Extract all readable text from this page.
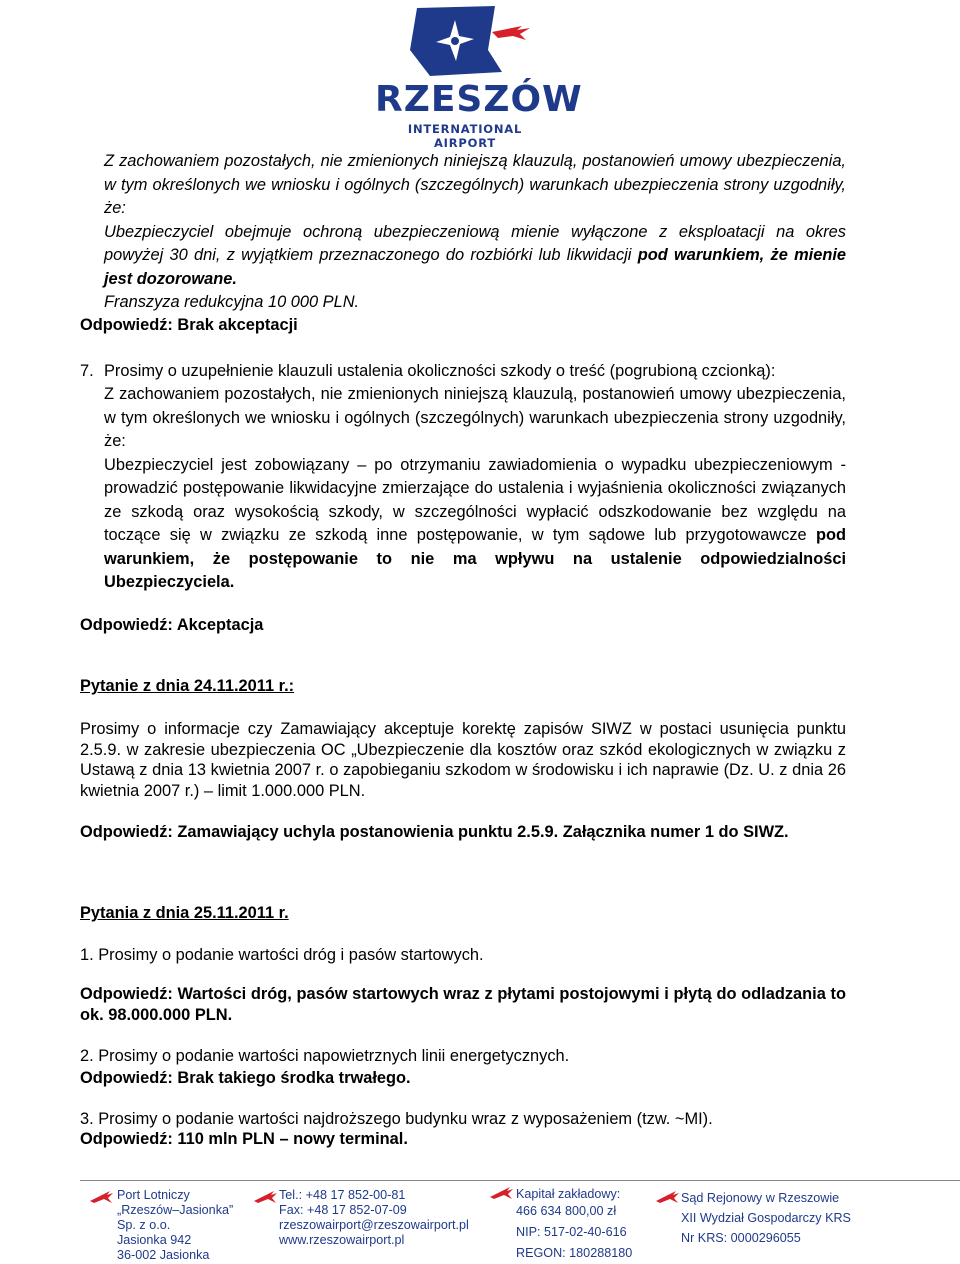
RZESZÓW
INTERNATIONAL AIRPORT
Z zachowaniem pozostałych, nie zmienionych niniejszą klauzulą, postanowień umowy ubezpieczenia, w tym określonych we wniosku i ogólnych (szczególnych) warunkach ubezpieczenia strony uzgodniły, że:
Ubezpieczyciel obejmuje ochroną ubezpieczeniową mienie wyłączone z eksploatacji na okres powyżej 30 dni, z wyjątkiem przeznaczonego do rozbiórki lub likwidacji pod warunkiem, że mienie jest dozorowane.
Franszyza redukcyjna 10 000 PLN.
Odpowiedź: Brak akceptacji
7. Prosimy o uzupełnienie klauzuli ustalenia okoliczności szkody o treść (pogrubioną czcionką):
Z zachowaniem pozostałych, nie zmienionych niniejszą klauzulą, postanowień umowy ubezpieczenia, w tym określonych we wniosku i ogólnych (szczególnych) warunkach ubezpieczenia strony uzgodniły, że:
Ubezpieczyciel jest zobowiązany – po otrzymaniu zawiadomienia o wypadku ubezpieczeniowym - prowadzić postępowanie likwidacyjne zmierzające do ustalenia i wyjaśnienia okoliczności związanych ze szkodą oraz wysokością szkody, w szczególności wypłacić odszkodowanie bez względu na toczące się w związku ze szkodą inne postępowanie, w tym sądowe lub przygotowawcze pod warunkiem, że postępowanie to nie ma wpływu na ustalenie odpowiedzialności Ubezpieczyciela.
Odpowiedź: Akceptacja
Pytanie z dnia 24.11.2011 r.:
Prosimy o informacje czy Zamawiający akceptuje korektę zapisów SIWZ w postaci usunięcia punktu 2.5.9. w zakresie ubezpieczenia OC „Ubezpieczenie dla kosztów oraz szkód ekologicznych w związku z Ustawą z dnia 13 kwietnia 2007 r. o zapobieganiu szkodom w środowisku i ich naprawie (Dz. U. z dnia 26 kwietnia 2007 r.) – limit 1.000.000 PLN.
Odpowiedź: Zamawiający uchyla postanowienia punktu 2.5.9. Załącznika numer 1 do SIWZ.
Pytania z dnia 25.11.2011 r.
1. Prosimy o podanie wartości dróg i pasów startowych.
Odpowiedź: Wartości dróg, pasów startowych wraz z płytami postojowymi i płytą do odladzania to ok. 98.000.000 PLN.
2. Prosimy o podanie wartości napowietrznych linii energetycznych.
Odpowiedź: Brak takiego środka trwałego.
3. Prosimy o podanie wartości najdroższego budynku wraz z wyposażeniem (tzw. ~MI).
Odpowiedź: 110 mln PLN – nowy terminal.
Port Lotniczy
„Rzeszów–Jasionka”
Sp. z o.o.
Jasionka 942
36-002 Jasionka
Tel.: +48 17 852-00-81
Fax: +48 17 852-07-09
rzeszowairport@rzeszowairport.pl
www.rzeszowairport.pl
Kapitał zakładowy:
466 634 800,00 zł
NIP: 517-02-40-616
REGON: 180288180
Sąd Rejonowy w Rzeszowie
XII Wydział Gospodarczy KRS
Nr KRS: 0000296055
